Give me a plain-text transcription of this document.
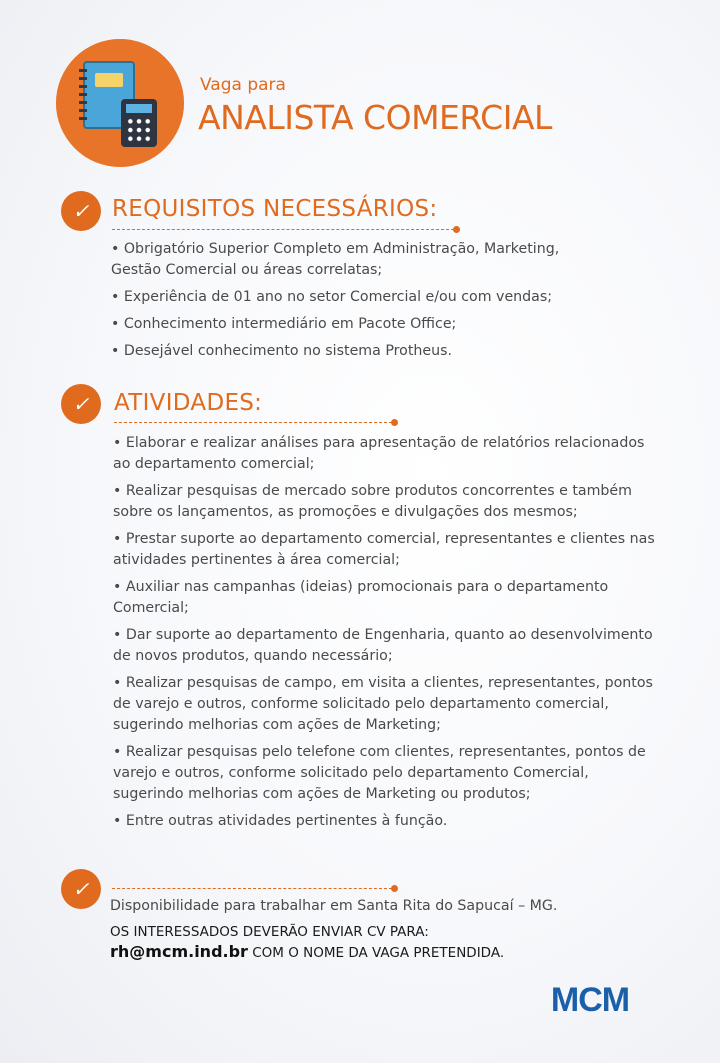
Vaga para
ANALISTA COMERCIAL
✓ REQUISITOS NECESSÁRIOS:
• Obrigatório Superior Completo em Administração, Marketing, Gestão Comercial ou áreas correlatas;
• Experiência de 01 ano no setor Comercial e/ou com vendas;
• Conhecimento intermediário em Pacote Office;
• Desejável conhecimento no sistema Protheus.
✓	ATIVIDADES:
• Elaborar e realizar análises para apresentação de relatórios relacionados ao departamento comercial;
• Realizar pesquisas de mercado sobre produtos concorrentes e também sobre os lançamentos, as promoções e divulgações dos mesmos;
• Prestar suporte ao departamento comercial, representantes e clientes nas atividades pertinentes à área comercial;
• Auxiliar nas campanhas (ideias) promocionais para o departamento Comercial;
• Dar suporte ao departamento de Engenharia, quanto ao desenvolvimento de novos produtos, quando necessário;
• Realizar pesquisas de campo, em visita a clientes, representantes, pontos de varejo e outros, conforme solicitado pelo departamento comercial, sugerindo melhorias com ações de Marketing;
• Realizar pesquisas pelo telefone com clientes, representantes, pontos de varejo e outros, conforme solicitado pelo departamento Comercial, sugerindo melhorias com ações de Marketing ou produtos;
• Entre outras atividades pertinentes à função.
✓
Disponibilidade para trabalhar em Santa Rita do Sapucaí – MG.
OS INTERESSADOS DEVERÃO ENVIAR CV PARA:
rh@mcm.ind.br COM O NOME DA VAGA PRETENDIDA.
MCM
